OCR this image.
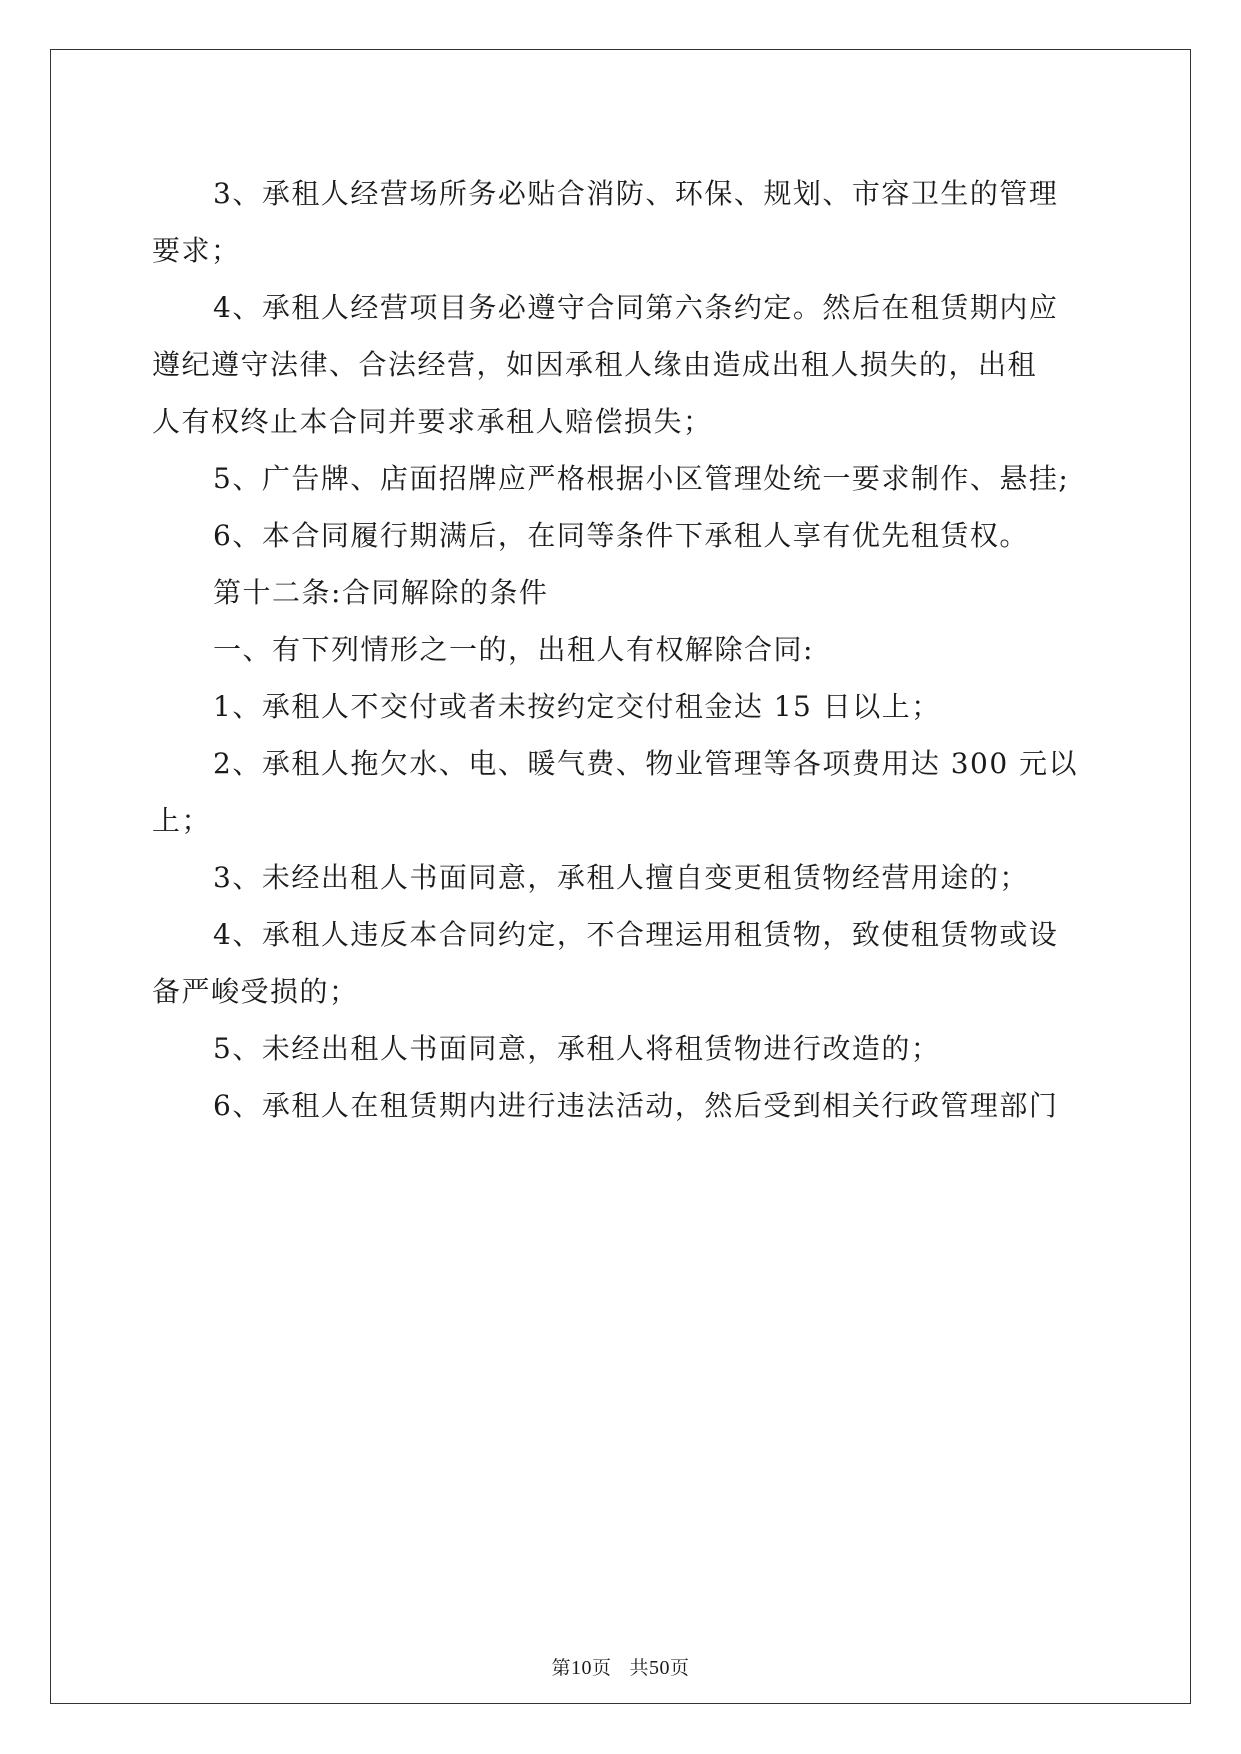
3、承租人经营场所务必贴合消防、环保、规划、市容卫生的管理

要求；

4、承租人经营项目务必遵守合同第六条约定。然后在租赁期内应

遵纪遵守法律、合法经营，如因承租人缘由造成出租人损失的，出租

人有权终止本合同并要求承租人赔偿损失；

5、广告牌、店面招牌应严格根据小区管理处统一要求制作、悬挂;

6、本合同履行期满后，在同等条件下承租人享有优先租赁权。

第十二条:合同解除的条件

一、有下列情形之一的，出租人有权解除合同:

1、承租人不交付或者未按约定交付租金达 15 日以上；

2、承租人拖欠水、电、暖气费、物业管理等各项费用达 300 元以

上；

3、未经出租人书面同意，承租人擅自变更租赁物经营用途的；

4、承租人违反本合同约定，不合理运用租赁物，致使租赁物或设

备严峻受损的；

5、未经出租人书面同意，承租人将租赁物进行改造的；

6、承租人在租赁期内进行违法活动，然后受到相关行政管理部门

第10页 共50页
